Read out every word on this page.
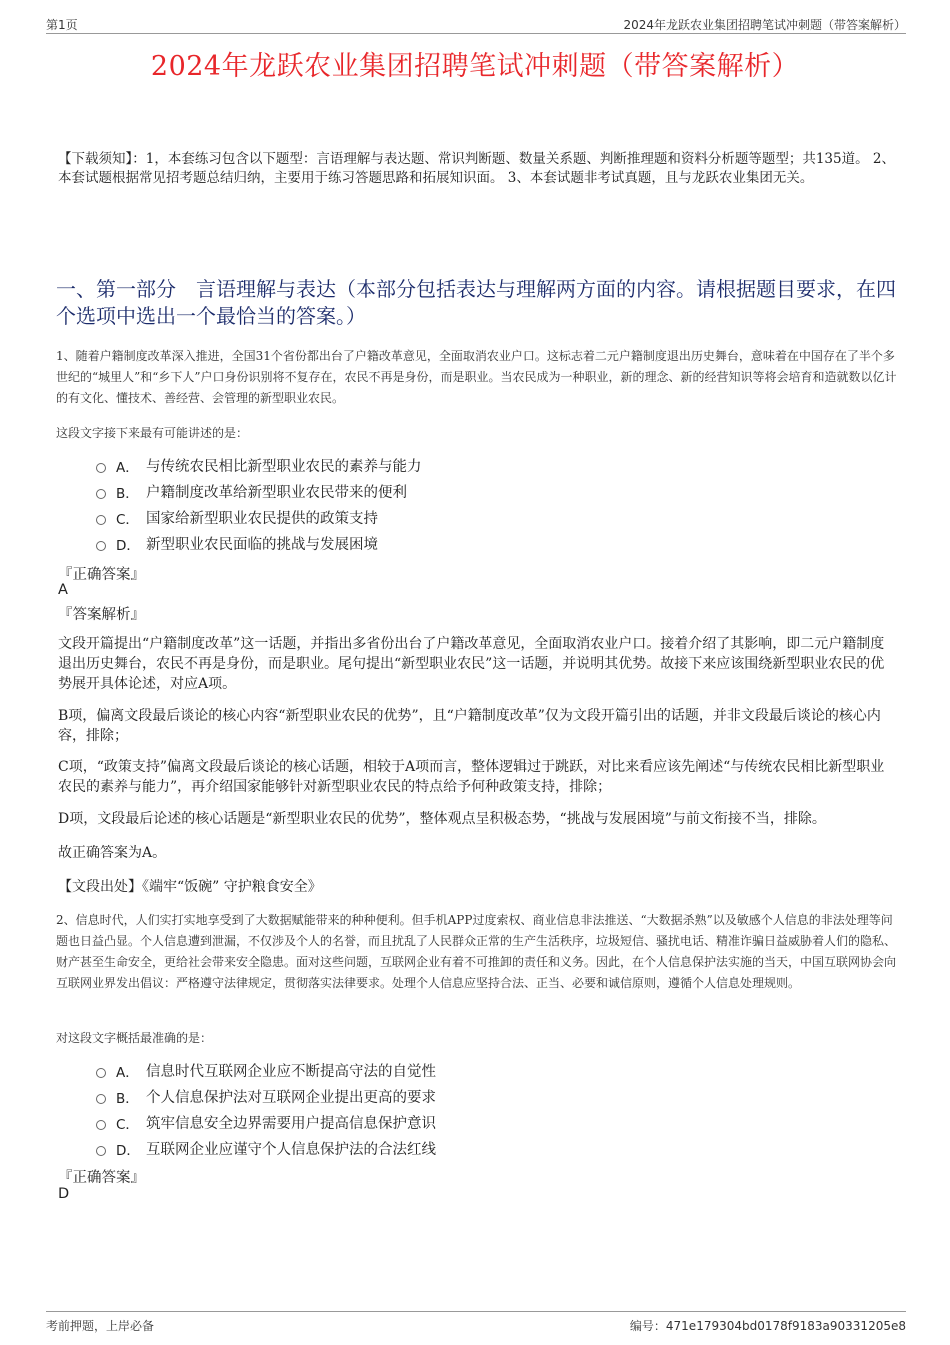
第1页	2024年龙跃农业集团招聘笔试冲刺题（带答案解析）
2024年龙跃农业集团招聘笔试冲刺题（带答案解析）
【下载须知】：1，本套练习包含以下题型：言语理解与表达题、常识判断题、数量关系题、判断推理题和资料分析题等题型；共135道。 2、本套试题根据常见招考题总结归纳，主要用于练习答题思路和拓展知识面。 3、本套试题非考试真题，且与龙跃农业集团无关。
一、第一部分　言语理解与表达（本部分包括表达与理解两方面的内容。请根据题目要求，在四个选项中选出一个最恰当的答案。）
1、随着户籍制度改革深入推进，全国31个省份都出台了户籍改革意见，全面取消农业户口。这标志着二元户籍制度退出历史舞台，意味着在中国存在了半个多世纪的“城里人”和“乡下人”户口身份识别将不复存在，农民不再是身份，而是职业。当农民成为一种职业，新的理念、新的经营知识等将会培育和造就数以亿计的有文化、懂技术、善经营、会管理的新型职业农民。
这段文字接下来最有可能讲述的是：
A． 与传统农民相比新型职业农民的素养与能力
B． 户籍制度改革给新型职业农民带来的便利
C． 国家给新型职业农民提供的政策支持
D． 新型职业农民面临的挑战与发展困境
『正确答案』
A
『答案解析』
文段开篇提出“户籍制度改革”这一话题，并指出多省份出台了户籍改革意见，全面取消农业户口。接着介绍了其影响，即二元户籍制度退出历史舞台，农民不再是身份，而是职业。尾句提出“新型职业农民”这一话题，并说明其优势。故接下来应该围绕新型职业农民的优势展开具体论述，对应A项。
B项，偏离文段最后谈论的核心内容“新型职业农民的优势”，且“户籍制度改革”仅为文段开篇引出的话题，并非文段最后谈论的核心内容，排除；
C项，“政策支持”偏离文段最后谈论的核心话题，相较于A项而言，整体逻辑过于跳跃，对比来看应该先阐述“与传统农民相比新型职业农民的素养与能力”，再介绍国家能够针对新型职业农民的特点给予何种政策支持，排除；
D项，文段最后论述的核心话题是“新型职业农民的优势”，整体观点呈积极态势，“挑战与发展困境”与前文衔接不当，排除。
故正确答案为A。
【文段出处】《端牢“饭碗” 守护粮食安全》
2、信息时代，人们实打实地享受到了大数据赋能带来的种种便利。但手机APP过度索权、商业信息非法推送、“大数据杀熟”以及敏感个人信息的非法处理等问题也日益凸显。个人信息遭到泄漏，不仅涉及个人的名誉，而且扰乱了人民群众正常的生产生活秩序，垃圾短信、骚扰电话、精准诈骗日益威胁着人们的隐私、财产甚至生命安全，更给社会带来安全隐患。面对这些问题，互联网企业有着不可推卸的责任和义务。因此，在个人信息保护法实施的当天，中国互联网协会向互联网业界发出倡议：严格遵守法律规定，贯彻落实法律要求。处理个人信息应坚持合法、正当、必要和诚信原则，遵循个人信息处理规则。
对这段文字概括最准确的是：
A． 信息时代互联网企业应不断提高守法的自觉性
B． 个人信息保护法对互联网企业提出更高的要求
C． 筑牢信息安全边界需要用户提高信息保护意识
D． 互联网企业应谨守个人信息保护法的合法红线
『正确答案』
D
考前押题，上岸必备	编号：471e179304bd0178f9183a90331205e8
